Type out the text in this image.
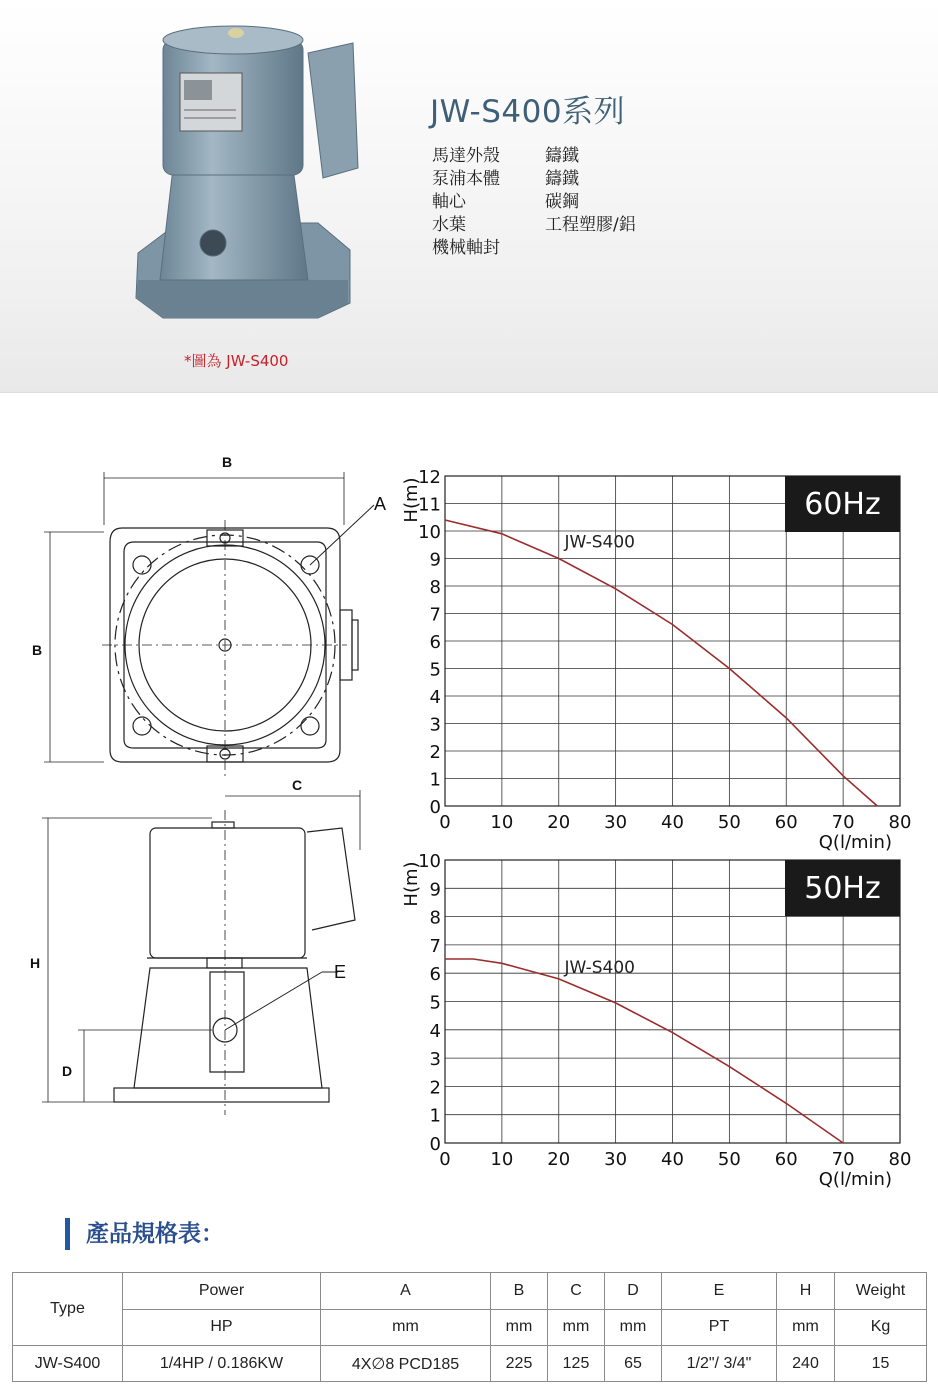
*圖為 JW-S400
JW-S400系列
馬達外殼	鑄鐵
泵浦本體	鑄鐵
軸心	碳鋼
水葉	工程塑膠/鋁
機械軸封
B
B
A
C
H
D
E
0 10 20 30 40 50 60 70 80
0
1
2
3
4
5
6
7
8
9
10
11
12
60Hz
Q(l/min)
H(m)
JW-S400
0 10 20 30 40 50 60 70 80
0
1
2
3
4
5
6
7
8
9
10
50Hz
Q(l/min)
H(m)
JW-S400
產品規格表：
Type	Power	A	B	C	D	E	H	Weight
	HP	mm	mm	mm	mm	PT	mm	Kg
JW-S400	1/4HP / 0.186KW	4X∅8 PCD185	225	125	65	1/2"/ 3/4"	240	15
